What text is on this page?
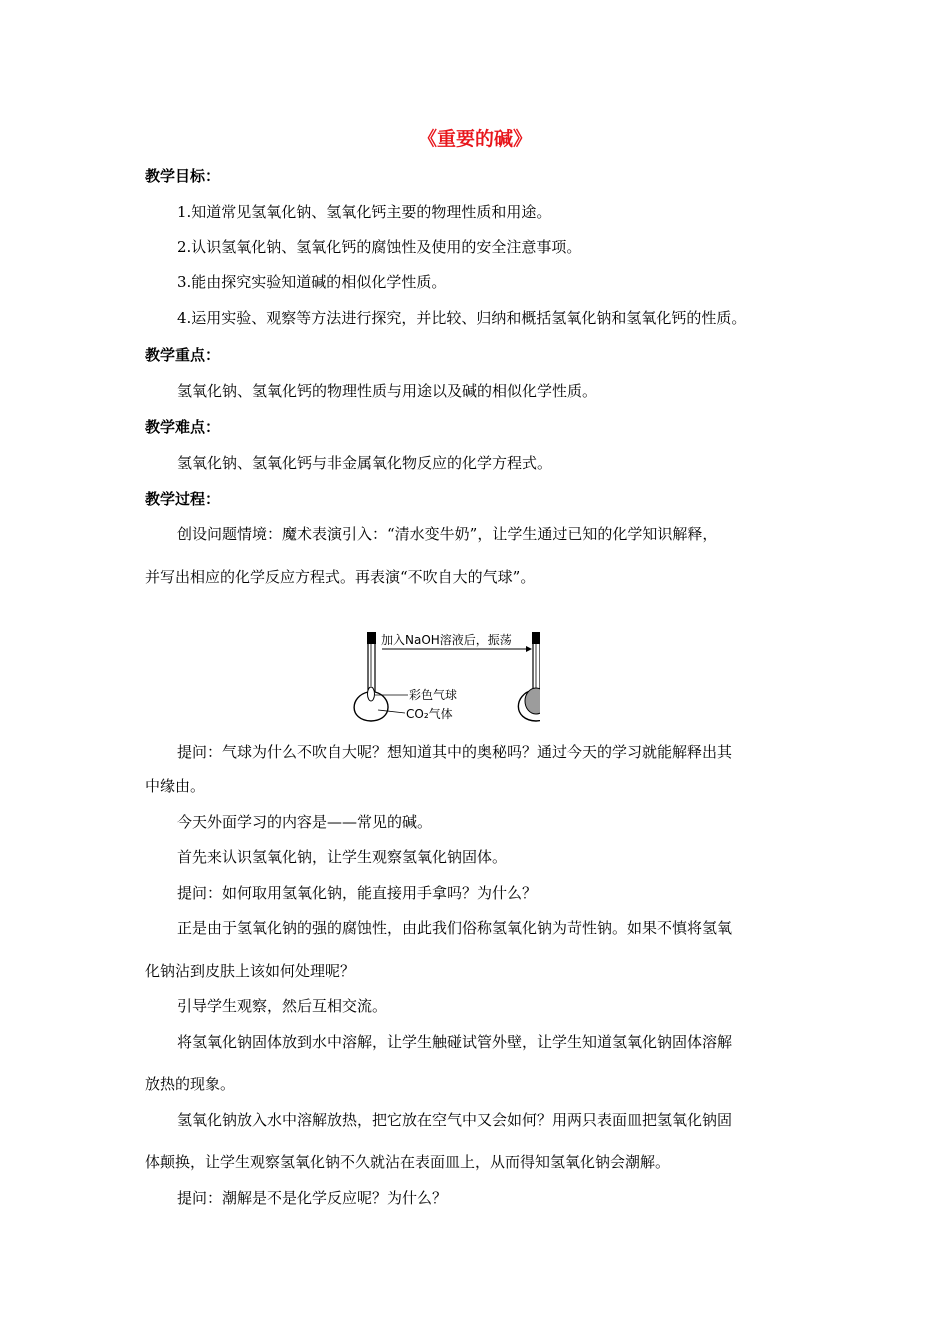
《重要的碱》
教学目标：
1.知道常见氢氧化钠、氢氧化钙主要的物理性质和用途。
2.认识氢氧化钠、氢氧化钙的腐蚀性及使用的安全注意事项。
3.能由探究实验知道碱的相似化学性质。
4.运用实验、观察等方法进行探究，并比较、归纳和概括氢氧化钠和氢氧化钙的性质。
教学重点：
氢氧化钠、氢氧化钙的物理性质与用途以及碱的相似化学性质。
教学难点：
氢氧化钠、氢氧化钙与非金属氧化物反应的化学方程式。
教学过程：
创设问题情境：魔术表演引入：“清水变牛奶”，让学生通过已知的化学知识解释，
并写出相应的化学反应方程式。再表演“不吹自大的气球”。
加入NaOH溶液后，振荡
彩色气球
CO₂气体
提问：气球为什么不吹自大呢？想知道其中的奥秘吗？通过今天的学习就能解释出其
中缘由。
今天外面学习的内容是——常见的碱。
首先来认识氢氧化钠，让学生观察氢氧化钠固体。
提问：如何取用氢氧化钠，能直接用手拿吗？为什么？
正是由于氢氧化钠的强的腐蚀性，由此我们俗称氢氧化钠为苛性钠。如果不慎将氢氧
化钠沾到皮肤上该如何处理呢？
引导学生观察，然后互相交流。
将氢氧化钠固体放到水中溶解，让学生触碰试管外壁，让学生知道氢氧化钠固体溶解
放热的现象。
氢氧化钠放入水中溶解放热，把它放在空气中又会如何？用两只表面皿把氢氧化钠固
体颠换，让学生观察氢氧化钠不久就沾在表面皿上，从而得知氢氧化钠会潮解。
提问：潮解是不是化学反应呢？为什么？
